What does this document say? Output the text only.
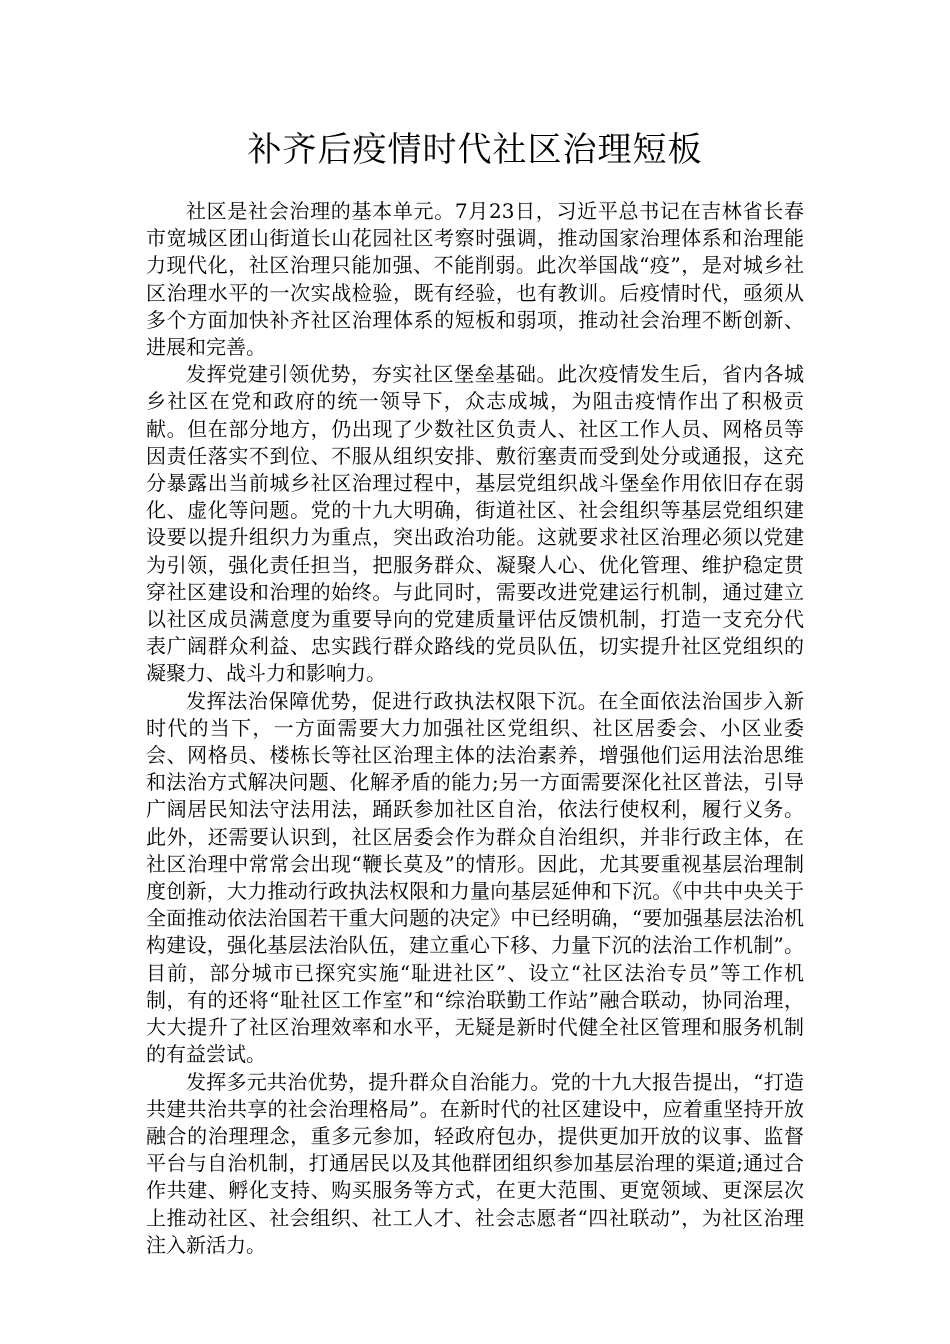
补齐后疫情时代社区治理短板

社区是社会治理的基本单元。7月23日，习近平总书记在吉林省长春市宽城区团山街道长山花园社区考察时强调，推动国家治理体系和治理能力现代化，社区治理只能加强、不能削弱。此次举国战“疫”，是对城乡社区治理水平的一次实战检验，既有经验，也有教训。后疫情时代，亟须从多个方面加快补齐社区治理体系的短板和弱项，推动社会治理不断创新、进展和完善。

发挥党建引领优势，夯实社区堡垒基础。此次疫情发生后，省内各城乡社区在党和政府的统一领导下，众志成城，为阻击疫情作出了积极贡献。但在部分地方，仍出现了少数社区负责人、社区工作人员、网格员等因责任落实不到位、不服从组织安排、敷衍塞责而受到处分或通报，这充分暴露出当前城乡社区治理过程中，基层党组织战斗堡垒作用依旧存在弱化、虚化等问题。党的十九大明确，街道社区、社会组织等基层党组织建设要以提升组织力为重点，突出政治功能。这就要求社区治理必须以党建为引领，强化责任担当，把服务群众、凝聚人心、优化管理、维护稳定贯穿社区建设和治理的始终。与此同时，需要改进党建运行机制，通过建立以社区成员满意度为重要导向的党建质量评估反馈机制，打造一支充分代表广阔群众利益、忠实践行群众路线的党员队伍，切实提升社区党组织的凝聚力、战斗力和影响力。

发挥法治保障优势，促进行政执法权限下沉。在全面依法治国步入新时代的当下，一方面需要大力加强社区党组织、社区居委会、小区业委会、网格员、楼栋长等社区治理主体的法治素养，增强他们运用法治思维和法治方式解决问题、化解矛盾的能力;另一方面需要深化社区普法，引导广阔居民知法守法用法，踊跃参加社区自治，依法行使权利，履行义务。此外，还需要认识到，社区居委会作为群众自治组织，并非行政主体，在社区治理中常常会出现“鞭长莫及”的情形。因此，尤其要重视基层治理制度创新，大力推动行政执法权限和力量向基层延伸和下沉。《中共中央关于全面推动依法治国若干重大问题的决定》中已经明确，“要加强基层法治机构建设，强化基层法治队伍，建立重心下移、力量下沉的法治工作机制”。目前，部分城市已探究实施“耻进社区”、设立“社区法治专员”等工作机制，有的还将“耻社区工作室”和“综治联勤工作站”融合联动，协同治理，大大提升了社区治理效率和水平，无疑是新时代健全社区管理和服务机制的有益尝试。

发挥多元共治优势，提升群众自治能力。党的十九大报告提出，“打造共建共治共享的社会治理格局”。在新时代的社区建设中，应着重坚持开放融合的治理理念，重多元参加，轻政府包办，提供更加开放的议事、监督平台与自治机制，打通居民以及其他群团组织参加基层治理的渠道;通过合作共建、孵化支持、购买服务等方式，在更大范围、更宽领域、更深层次上推动社区、社会组织、社工人才、社会志愿者“四社联动”，为社区治理注入新活力。
